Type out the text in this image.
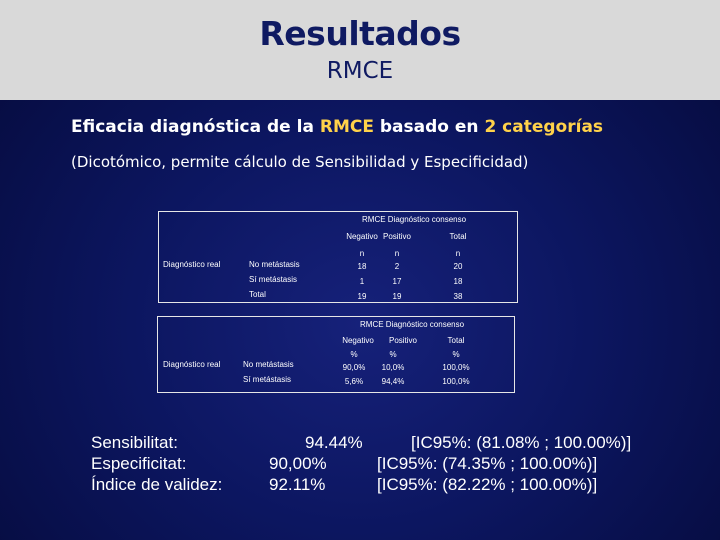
Resultados
RMCE
Eficacia diagnóstica de la RMCE basado en 2 categorías
(Dicotómico, permite cálculo de Sensibilidad y Especificidad)
RMCE Diagnóstico consenso
Negativo Positivo	Total
n	n	n
Diagnóstico real	No metástasis	18	2	20
Sí metástasis	1	17	18
Total	19	19	38
RMCE Diagnóstico consenso
Negativo	Positivo	Total
%	%	%
Diagnóstico real	No metástasis	90,0%	10,0%	100,0%
Sí metástasis	5,6%	94,4%	100,0%
Sensibilitat:	94.44%	[IC95%: (81.08% ; 100.00%)]
Especificitat:	90,00%	[IC95%: (74.35% ; 100.00%)]
Índice de validez:	92.11%	[IC95%: (82.22% ; 100.00%)]
